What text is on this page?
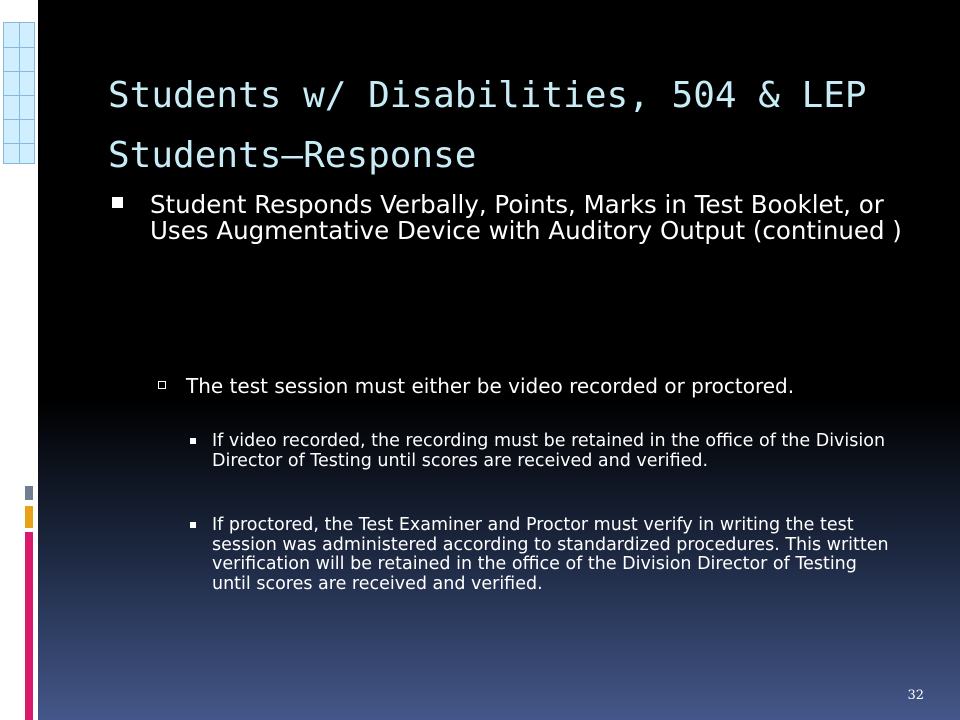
Students w/ Disabilities, 504 & LEP Students—Response
Student Responds Verbally, Points, Marks in Test Booklet, or Uses Augmentative Device with Auditory Output (continued )
The test session must either be video recorded or proctored.
If video recorded, the recording must be retained in the office of the Division Director of Testing until scores are received and verified.
If proctored, the Test Examiner and Proctor must verify in writing the test session was administered according to standardized procedures. This written verification will be retained in the office of the Division Director of Testing until scores are received and verified.
32
